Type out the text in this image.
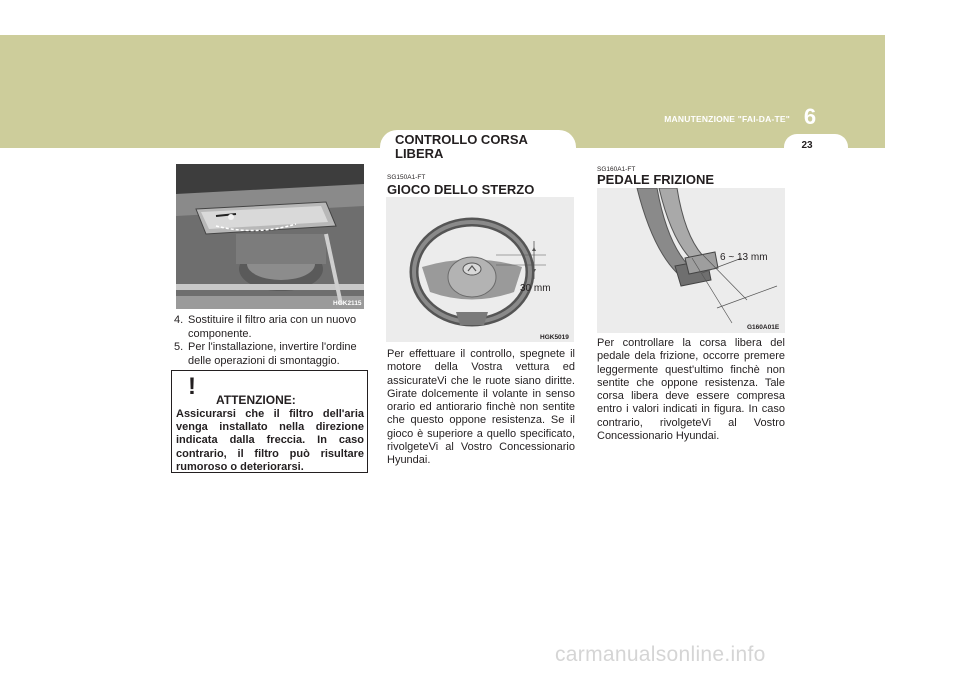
6
MANUTENZIONE "FAI-DA-TE"
23
CONTROLLO CORSA LIBERA
HGK2115
4. Sostituire il filtro aria con un nuovo componente.
5. Per l'installazione, invertire l'ordine delle operazioni di smontaggio.
! ATTENZIONE:
Assicurarsi che il filtro dell'aria venga installato nella direzione indicata dalla freccia. In caso contrario, il filtro può risultare rumoroso o deteriorarsi.
SG150A1-FT
GIOCO DELLO STERZO
30 mm
HGK5019
Per effettuare il controllo, spegnete il motore della Vostra vettura ed assicurateVi che le ruote siano diritte. Girate dolcemente il volante in senso orario ed antiorario finchè non sentite che questo oppone resistenza. Se il gioco è superiore a quello specificato, rivolgeteVi al Vostro Concessionario Hyundai.
SG160A1-FT
PEDALE FRIZIONE
6 ~ 13 mm
G160A01E
Per controllare la corsa libera del pedale dela frizione, occorre premere leggermente quest'ultimo finchè non sentite che oppone resistenza. Tale corsa libera deve essere compresa entro i valori indicati in figura. In caso contrario, rivolgeteVi al Vostro Concessionario Hyundai.
carmanualsonline.info
